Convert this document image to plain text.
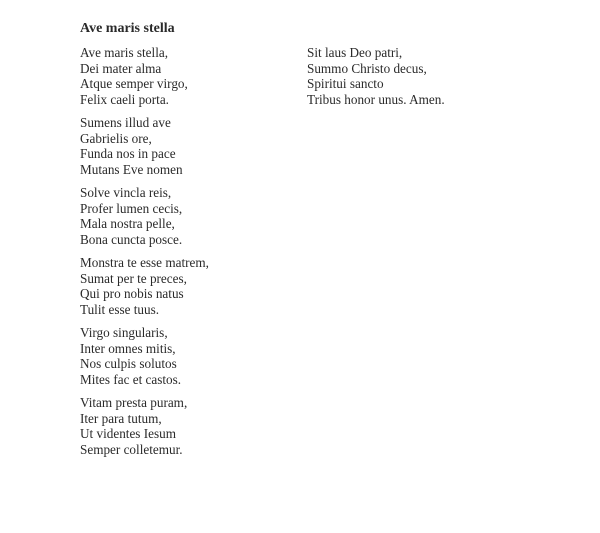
Ave maris stella
Ave maris stella,
Dei mater alma
Atque semper virgo,
Felix caeli porta.
Sumens illud ave
Gabrielis ore,
Funda nos in pace
Mutans Eve nomen
Solve vincla reis,
Profer lumen cecis,
Mala nostra pelle,
Bona cuncta posce.
Monstra te esse matrem,
Sumat per te preces,
Qui pro nobis natus
Tulit esse tuus.
Virgo singularis,
Inter omnes mitis,
Nos culpis solutos
Mites fac et castos.
Vitam presta puram,
Iter para tutum,
Ut videntes Iesum
Semper colletemur.
Sit laus Deo patri,
Summo Christo decus,
Spiritui sancto
Tribus honor unus. Amen.
